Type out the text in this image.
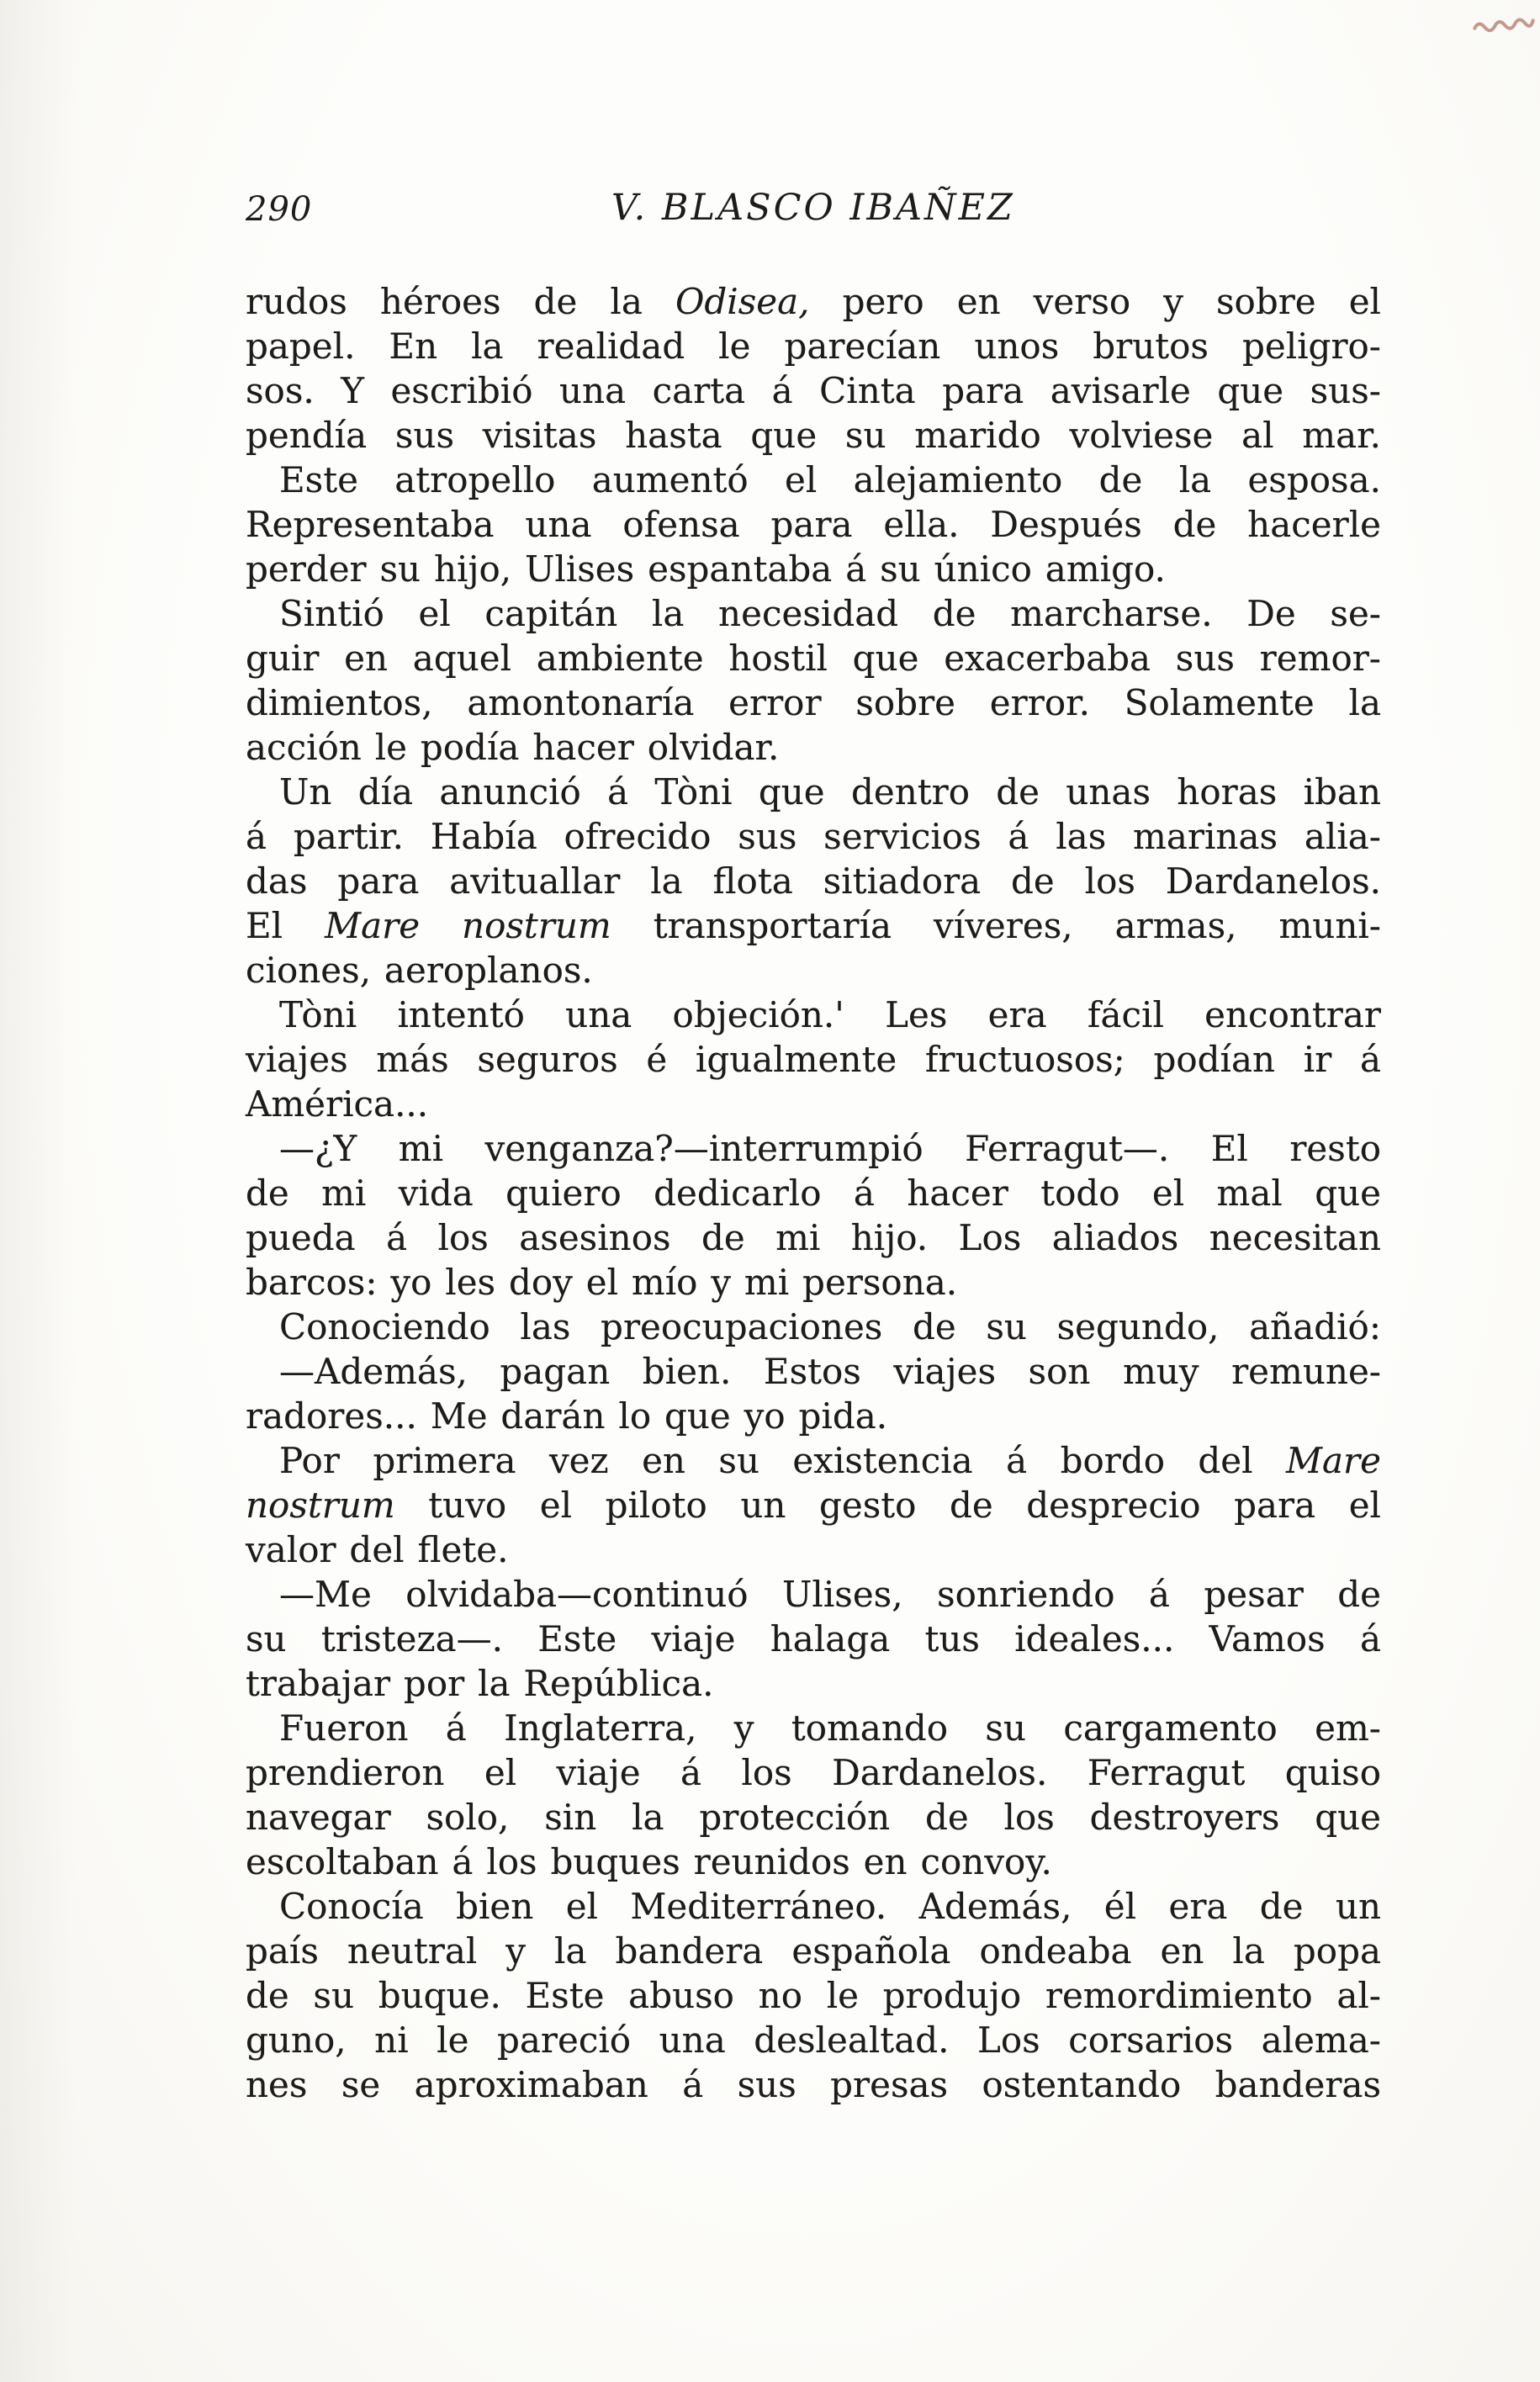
290	V. BLASCO IBAÑEZ
rudos héroes de la Odisea, pero en verso y sobre el
papel. En la realidad le parecían unos brutos peligro-
sos. Y escribió una carta á Cinta para avisarle que sus-
pendía sus visitas hasta que su marido volviese al mar.
Este atropello aumentó el alejamiento de la esposa.
Representaba una ofensa para ella. Después de hacerle
perder su hijo, Ulises espantaba á su único amigo.
Sintió el capitán la necesidad de marcharse. De se-
guir en aquel ambiente hostil que exacerbaba sus remor-
dimientos, amontonaría error sobre error. Solamente la
acción le podía hacer olvidar.
Un día anunció á Tòni que dentro de unas horas iban
á partir. Había ofrecido sus servicios á las marinas alia-
das para avituallar la flota sitiadora de los Dardanelos.
El Mare nostrum transportaría víveres, armas, muni-
ciones, aeroplanos.
Tòni intentó una objeción.' Les era fácil encontrar
viajes más seguros é igualmente fructuosos; podían ir á
América...
—¿Y mi venganza?—interrumpió Ferragut—. El resto
de mi vida quiero dedicarlo á hacer todo el mal que
pueda á los asesinos de mi hijo. Los aliados necesitan
barcos: yo les doy el mío y mi persona.
Conociendo las preocupaciones de su segundo, añadió:
—Además, pagan bien. Estos viajes son muy remune-
radores... Me darán lo que yo pida.
Por primera vez en su existencia á bordo del Mare
nostrum tuvo el piloto un gesto de desprecio para el
valor del flete.
—Me olvidaba—continuó Ulises, sonriendo á pesar de
su tristeza—. Este viaje halaga tus ideales... Vamos á
trabajar por la República.
Fueron á Inglaterra, y tomando su cargamento em-
prendieron el viaje á los Dardanelos. Ferragut quiso
navegar solo, sin la protección de los destroyers que
escoltaban á los buques reunidos en convoy.
Conocía bien el Mediterráneo. Además, él era de un
país neutral y la bandera española ondeaba en la popa
de su buque. Este abuso no le produjo remordimiento al-
guno, ni le pareció una deslealtad. Los corsarios alema-
nes se aproximaban á sus presas ostentando banderas
